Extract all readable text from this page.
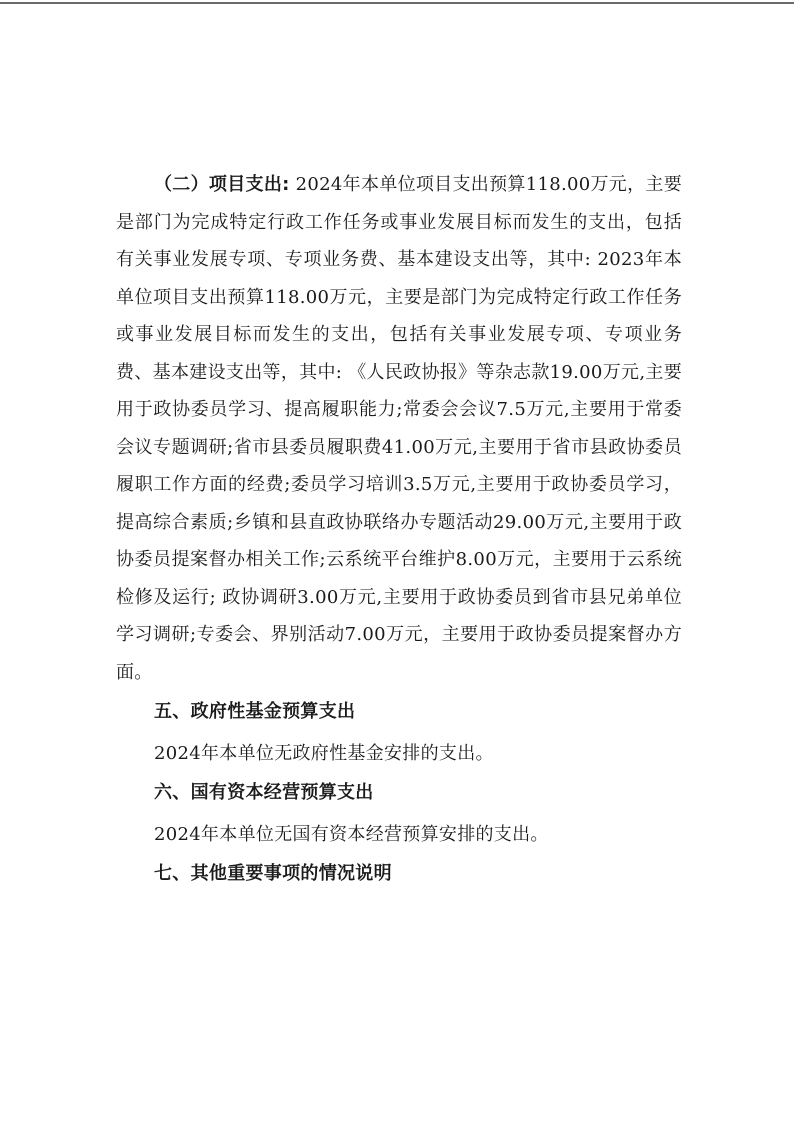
（二）项目支出: 2024年本单位项目支出预算118.00万元，主要是部门为完成特定行政工作任务或事业发展目标而发生的支出，包括有关事业发展专项、专项业务费、基本建设支出等，其中: 2023年本单位项目支出预算118.00万元，主要是部门为完成特定行政工作任务或事业发展目标而发生的支出，包括有关事业发展专项、专项业务费、基本建设支出等，其中: 《人民政协报》等杂志款19.00万元,主要用于政协委员学习、提高履职能力;常委会会议7.5万元,主要用于常委会议专题调研;省市县委员履职费41.00万元,主要用于省市县政协委员履职工作方面的经费;委员学习培训3.5万元,主要用于政协委员学习，提高综合素质;乡镇和县直政协联络办专题活动29.00万元,主要用于政协委员提案督办相关工作;云系统平台维护8.00万元，主要用于云系统检修及运行; 政协调研3.00万元,主要用于政协委员到省市县兄弟单位学习调研;专委会、界别活动7.00万元，主要用于政协委员提案督办方面。

五、政府性基金预算支出

2024年本单位无政府性基金安排的支出。

六、国有资本经营预算支出

2024年本单位无国有资本经营预算安排的支出。

七、其他重要事项的情况说明
